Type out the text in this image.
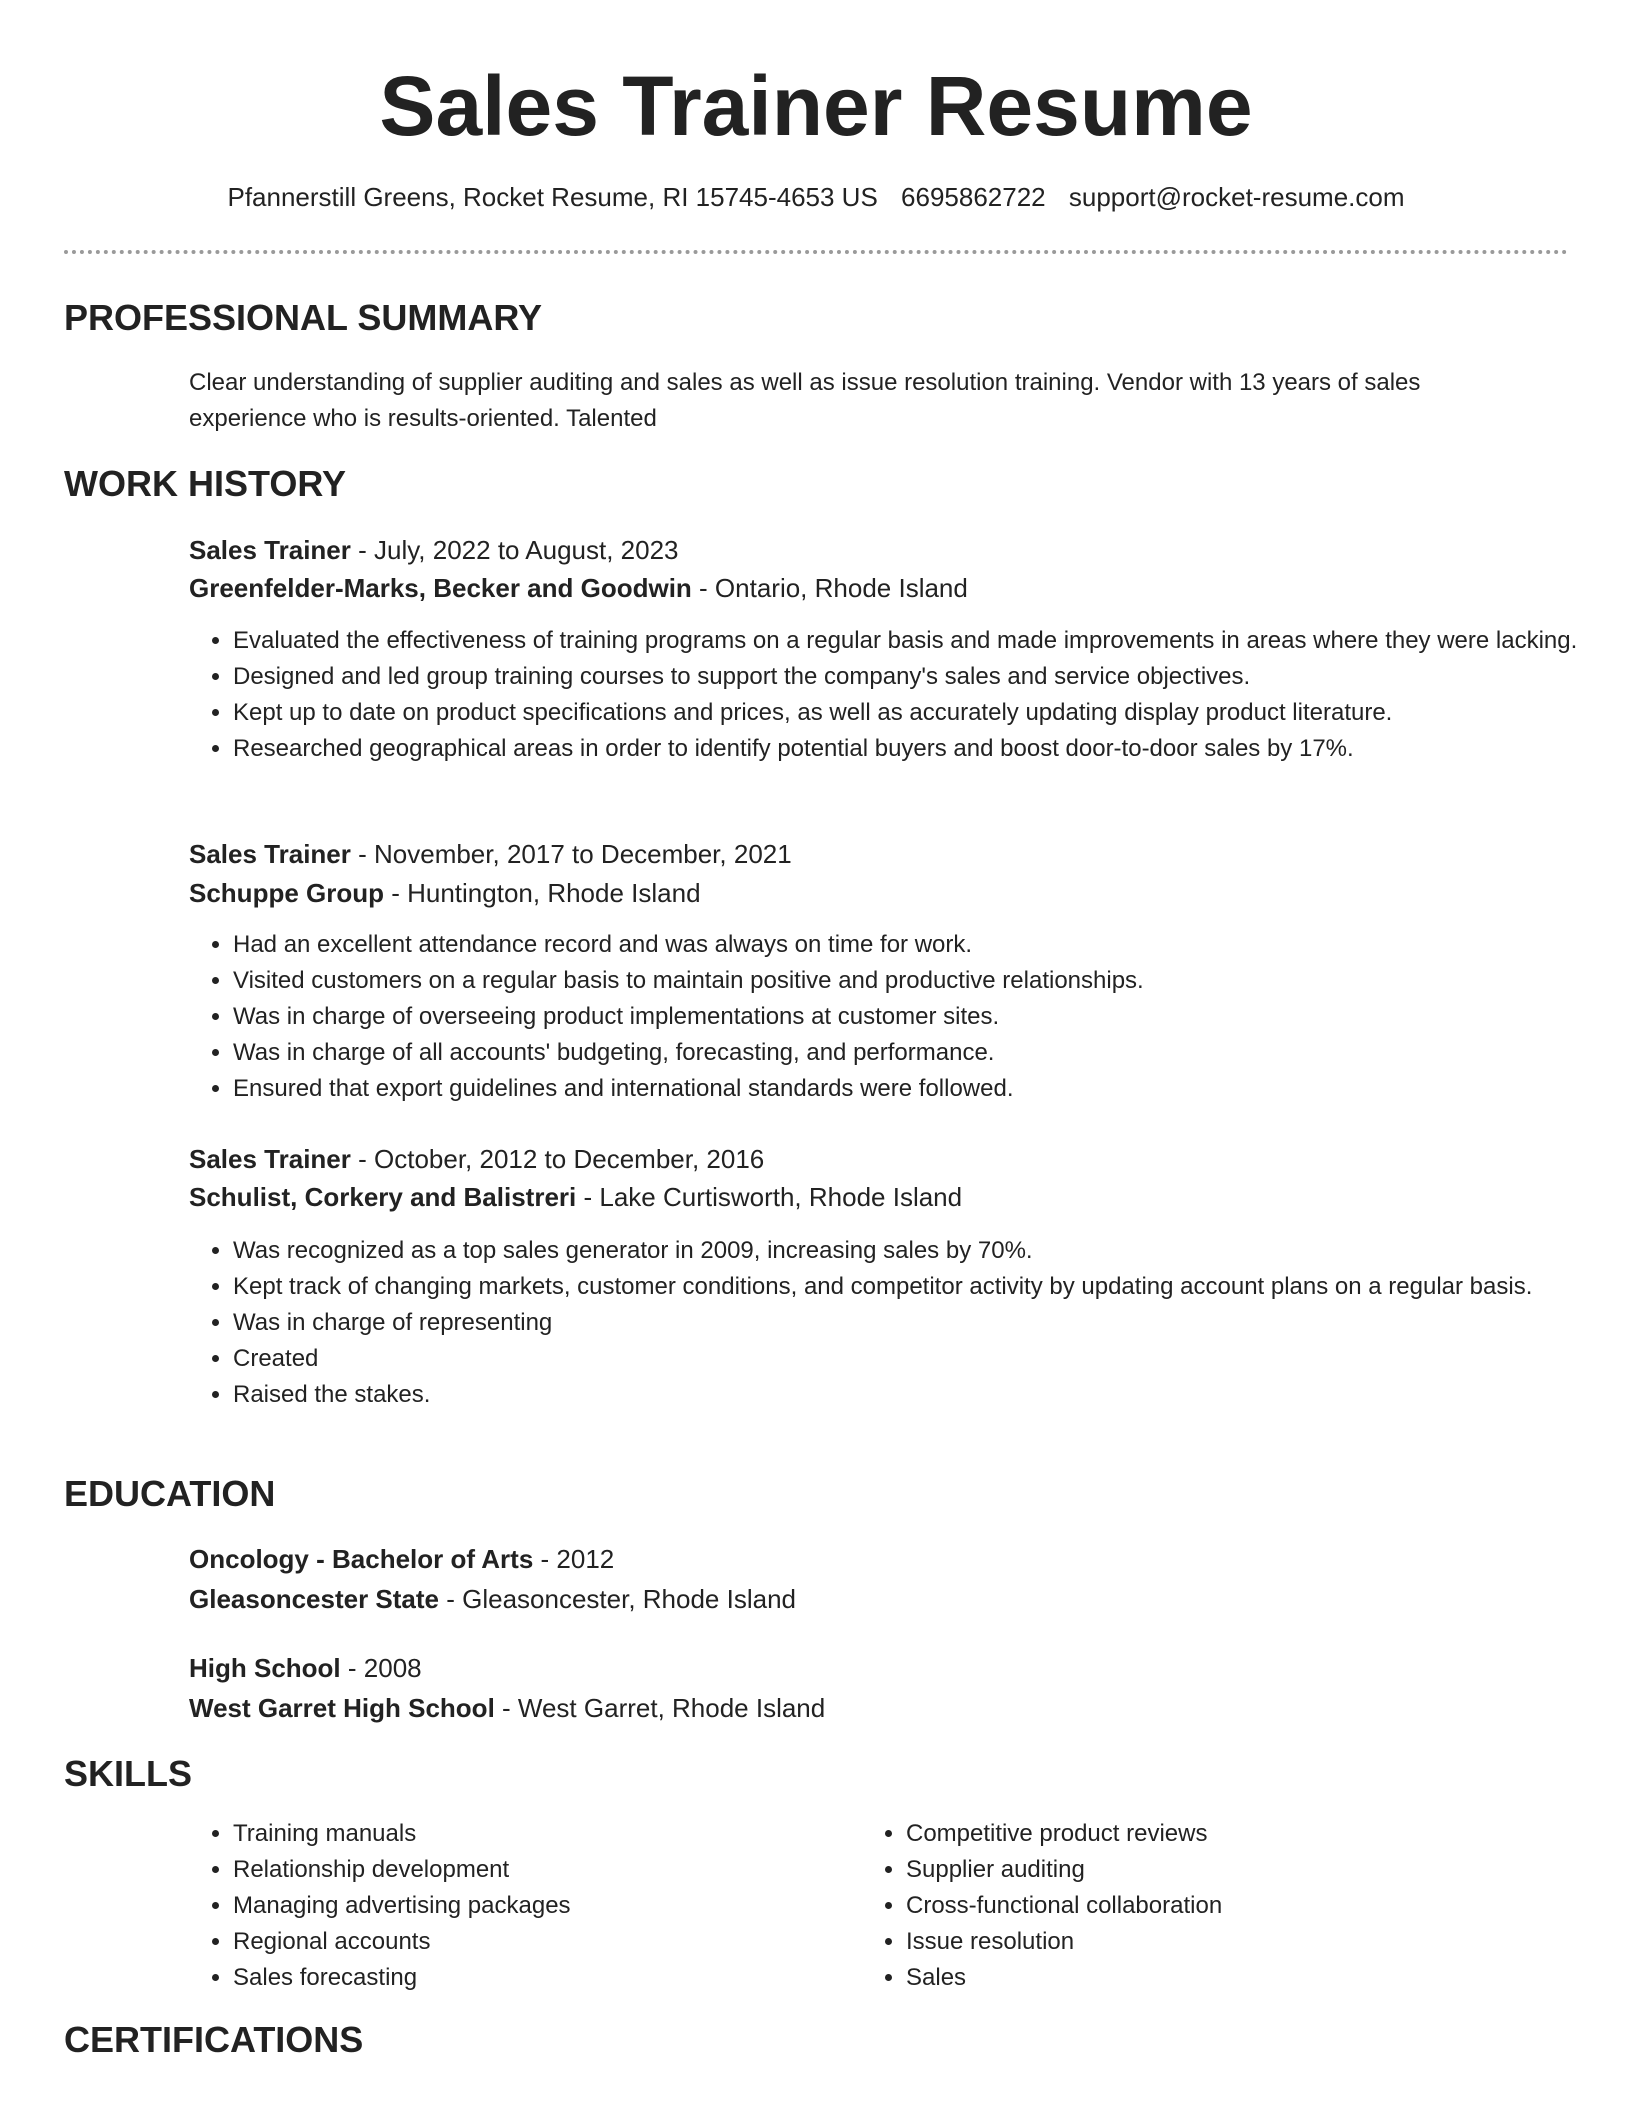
Sales Trainer Resume
Pfannerstill Greens, Rocket Resume, RI 15745-4653 US 6695862722 support@rocket-resume.com
PROFESSIONAL SUMMARY

Clear understanding of supplier auditing and sales as well as issue resolution training. Vendor with 13 years of sales experience who is results-oriented. Talented

WORK HISTORY
Sales Trainer - July, 2022 to August, 2023
Greenfelder-Marks, Becker and Goodwin - Ontario, Rhode Island
• Evaluated the effectiveness of training programs on a regular basis and made improvements in areas where they were lacking.
• Designed and led group training courses to support the company's sales and service objectives.
• Kept up to date on product specifications and prices, as well as accurately updating display product literature.
• Researched geographical areas in order to identify potential buyers and boost door-to-door sales by 17%.
Sales Trainer - November, 2017 to December, 2021
Schuppe Group - Huntington, Rhode Island
• Had an excellent attendance record and was always on time for work.
• Visited customers on a regular basis to maintain positive and productive relationships.
• Was in charge of overseeing product implementations at customer sites.
• Was in charge of all accounts' budgeting, forecasting, and performance.
• Ensured that export guidelines and international standards were followed.
Sales Trainer - October, 2012 to December, 2016
Schulist, Corkery and Balistreri - Lake Curtisworth, Rhode Island
• Was recognized as a top sales generator in 2009, increasing sales by 70%.
• Kept track of changing markets, customer conditions, and competitor activity by updating account plans on a regular basis.
• Was in charge of representing
• Created
• Raised the stakes.
EDUCATION
Oncology - Bachelor of Arts - 2012
Gleasoncester State - Gleasoncester, Rhode Island
High School - 2008
West Garret High School - West Garret, Rhode Island
SKILLS
• Training manuals
• Relationship development
• Managing advertising packages
• Regional accounts
• Sales forecasting
• Competitive product reviews
• Supplier auditing
• Cross-functional collaboration
• Issue resolution
• Sales
CERTIFICATIONS
